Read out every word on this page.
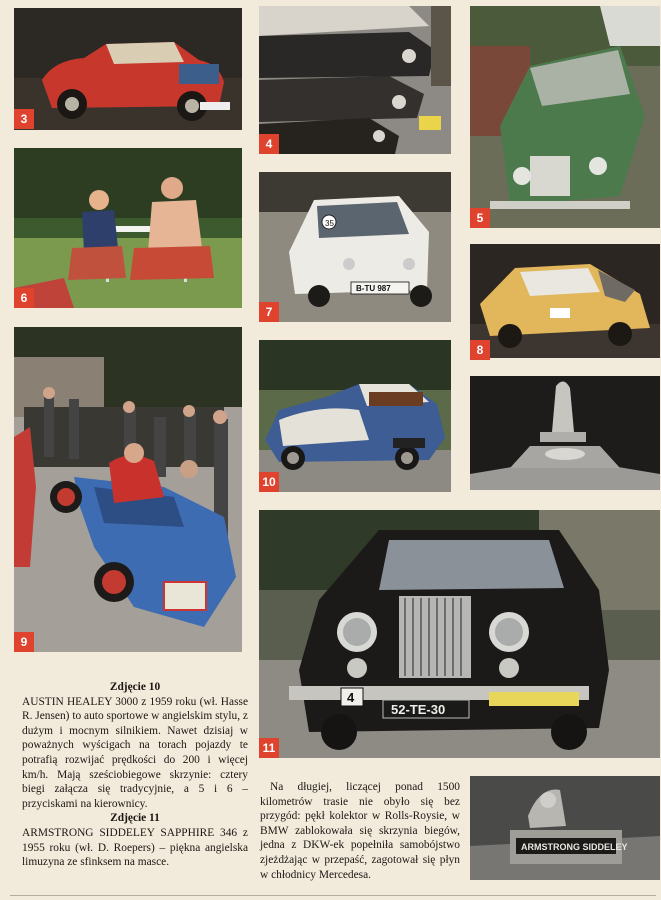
3
4
5
6
35
B-TU 987
7
8
9
10
4
52-TE-30
11
ARMSTRONG SIDDELEY

Zdjęcie 10

AUSTIN HEALEY 3000 z 1959 roku (wł. Hasse R. Jensen) to auto sportowe w angielskim stylu, z dużym i mocnym silnikiem. Nawet dzisiaj w poważnych wyścigach na torach pojazdy te potrafią rozwijać prędkości do 200 i więcej km/h. Mają sześciobiegowe skrzynie: cztery biegi załącza się tradycyjnie, a 5 i 6 – przyciskami na kierownicy.

Zdjęcie 11

ARMSTRONG SIDDELEY SAPPHIRE 346 z 1955 roku (wł. D. Roepers) – piękna angielska limuzyna ze sfinksem na masce.

Na długiej, liczącej ponad 1500 kilometrów trasie nie obyło się bez przygód: pękł kolektor w Rolls-Roysie, w BMW zablokowała się skrzynia biegów, jedna z DKW-ek popełniła samobójstwo zjeżdżając w przepaść, zagotował się płyn w chłodnicy Mercedesa.
